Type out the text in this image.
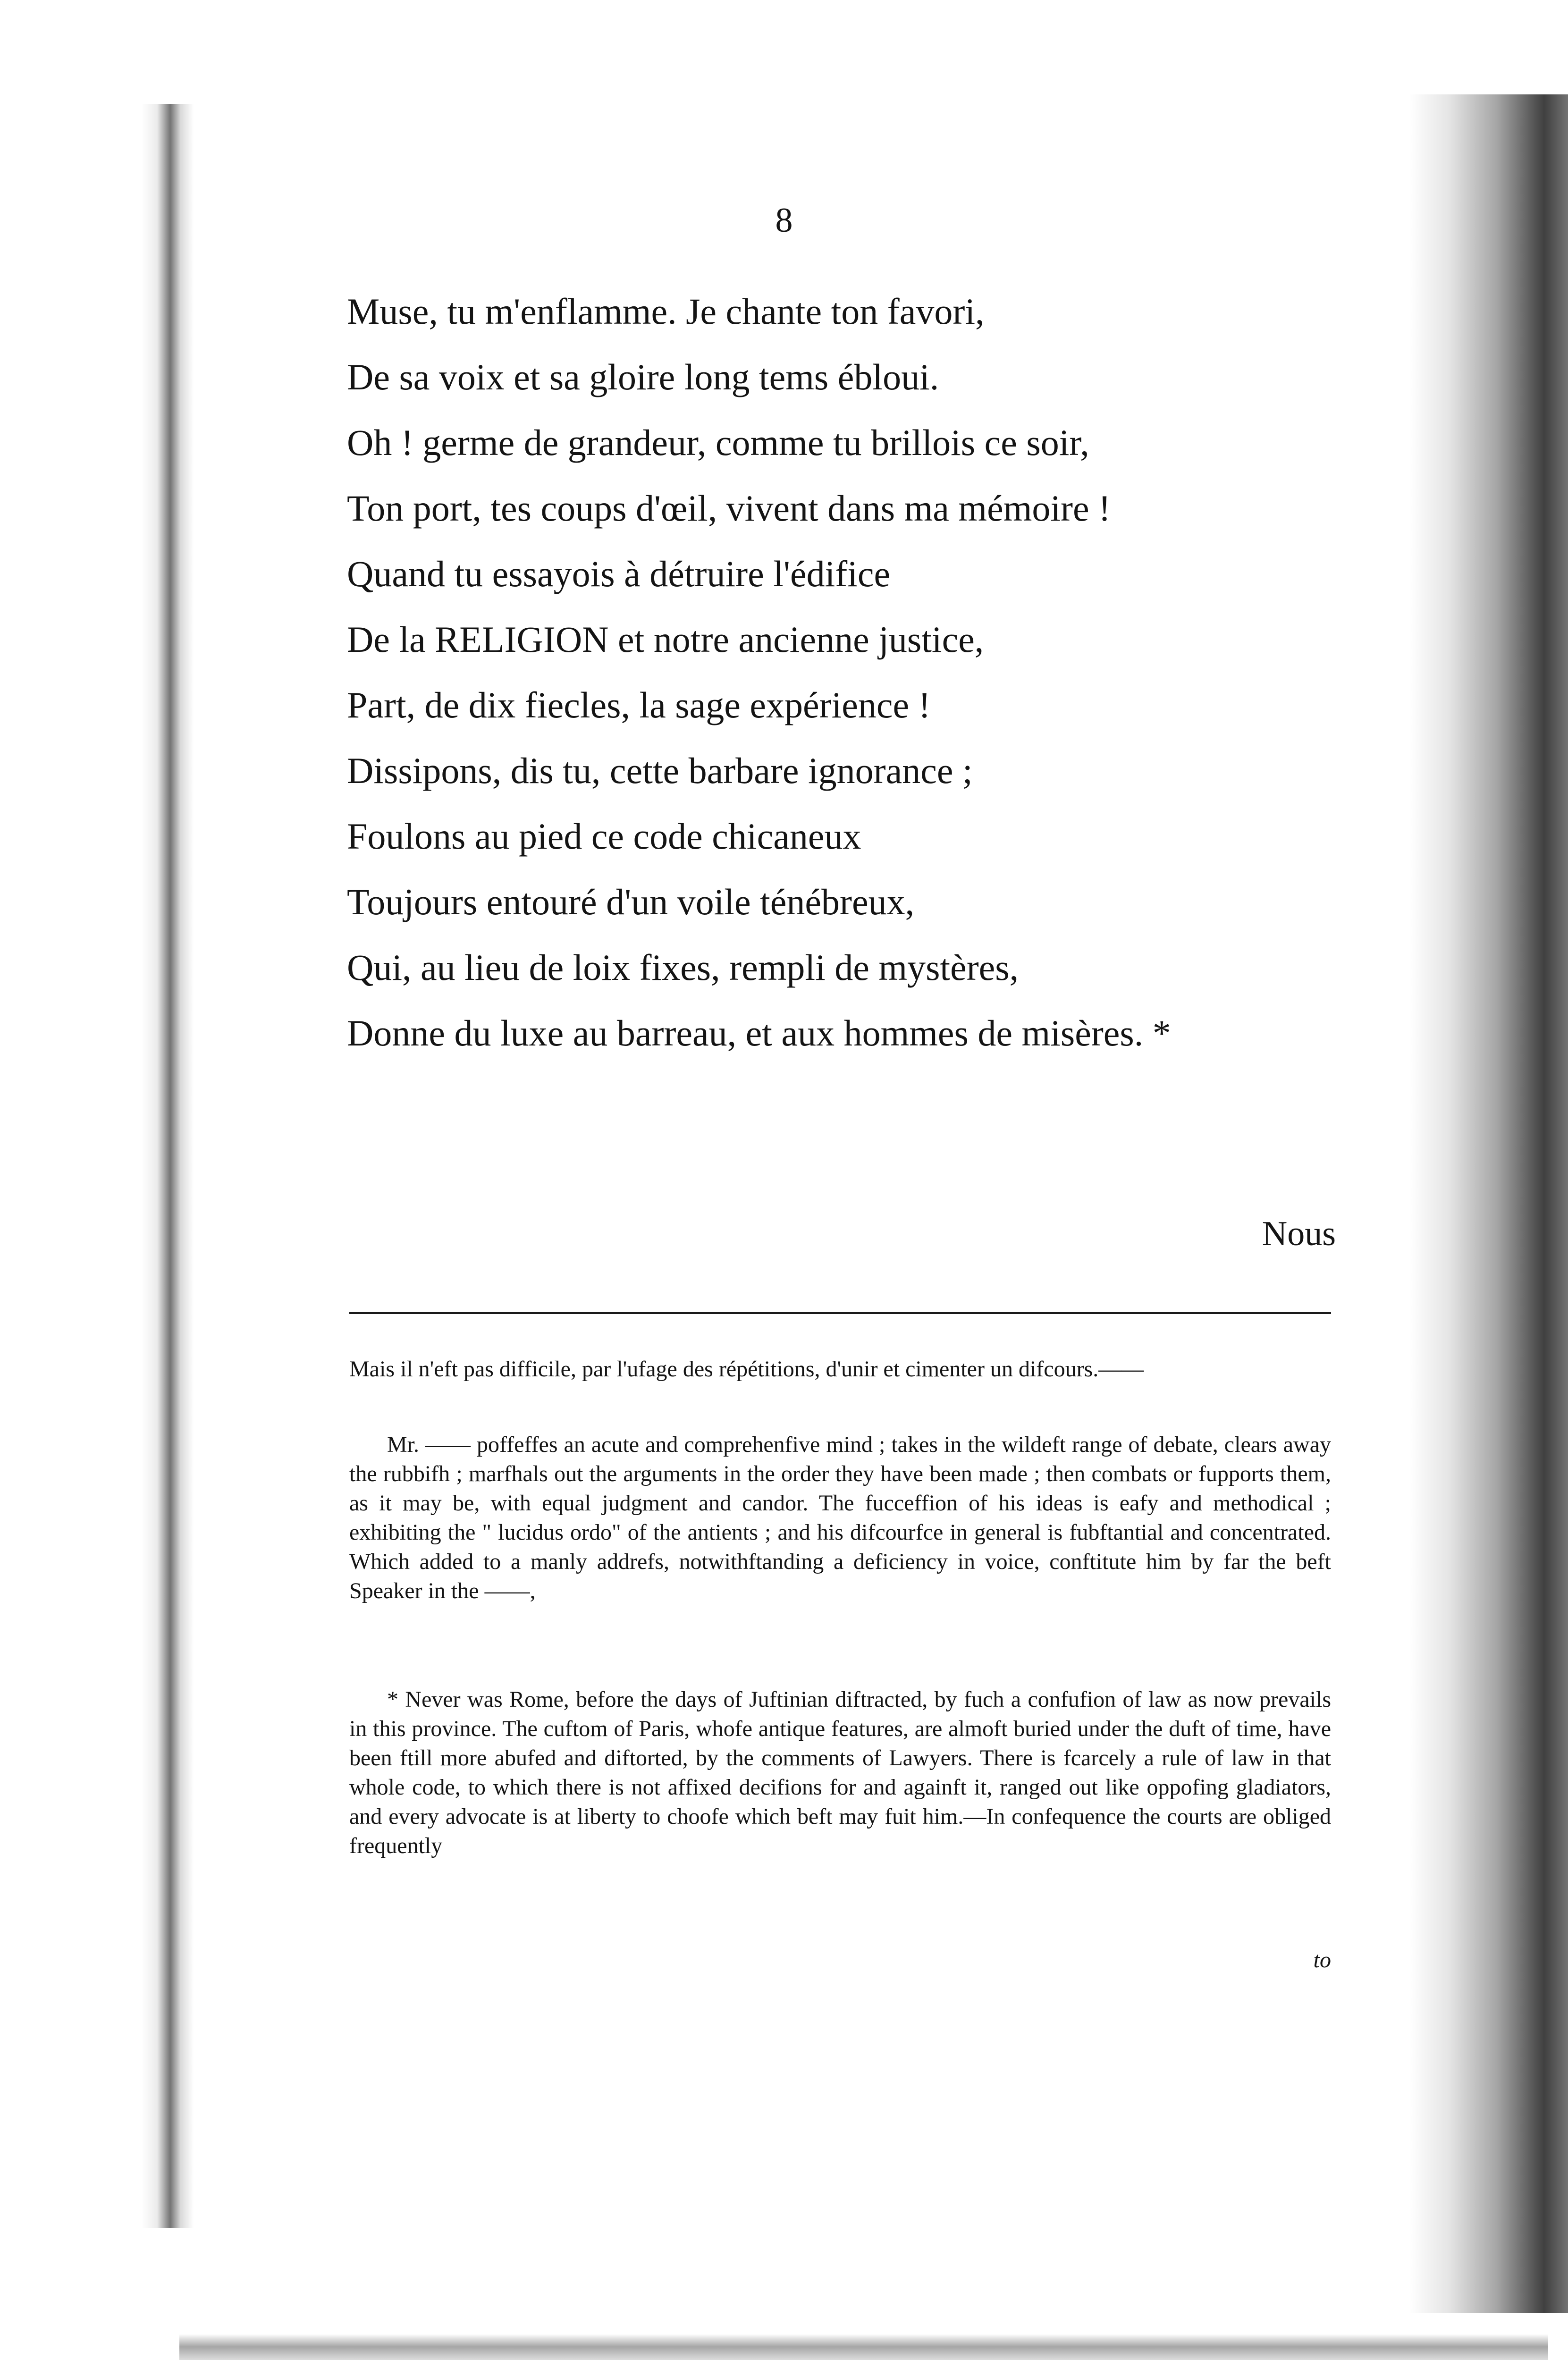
8
Muse, tu m'enflamme. Je chante ton favori,
De sa voix et sa gloire long tems ébloui.
Oh ! germe de grandeur, comme tu brillois ce soir,
Ton port, tes coups d'œil, vivent dans ma mémoire !
Quand tu essayois à détruire l'édifice
De la RELIGION et notre ancienne justice,
Part, de dix fiecles, la sage expérience !
Dissipons, dis tu, cette barbare ignorance ;
Foulons au pied ce code chicaneux
Toujours entouré d'un voile ténébreux,
Qui, au lieu de loix fixes, rempli de mystères,
Donne du luxe au barreau, et aux hommes de misères. *
Nous

Mais il n'eft pas difficile, par l'ufage des répétitions, d'unir et cimenter un difcours.——

Mr. —— poffeffes an acute and comprehenfive mind ; takes in the wildeft range of debate, clears away the rubbifh ; marfhals out the arguments in the order they have been made ; then combats or fupports them, as it may be, with equal judgment and candor. The fucceffion of his ideas is eafy and methodical ; exhibiting the " lucidus ordo" of the antients ; and his difcourfce in general is fubftantial and concentrated. Which added to a manly addrefs, notwithftanding a deficiency in voice, conftitute him by far the beft Speaker in the ——,

* Never was Rome, before the days of Juftinian diftracted, by fuch a confufion of law as now prevails in this province. The cuftom of Paris, whofe antique features, are almoft buried under the duft of time, have been ftill more abufed and diftorted, by the comments of Lawyers. There is fcarcely a rule of law in that whole code, to which there is not affixed decifions for and againft it, ranged out like oppofing gladiators, and every advocate is at liberty to choofe which beft may fuit him.—In confequence the courts are obliged frequently

to
